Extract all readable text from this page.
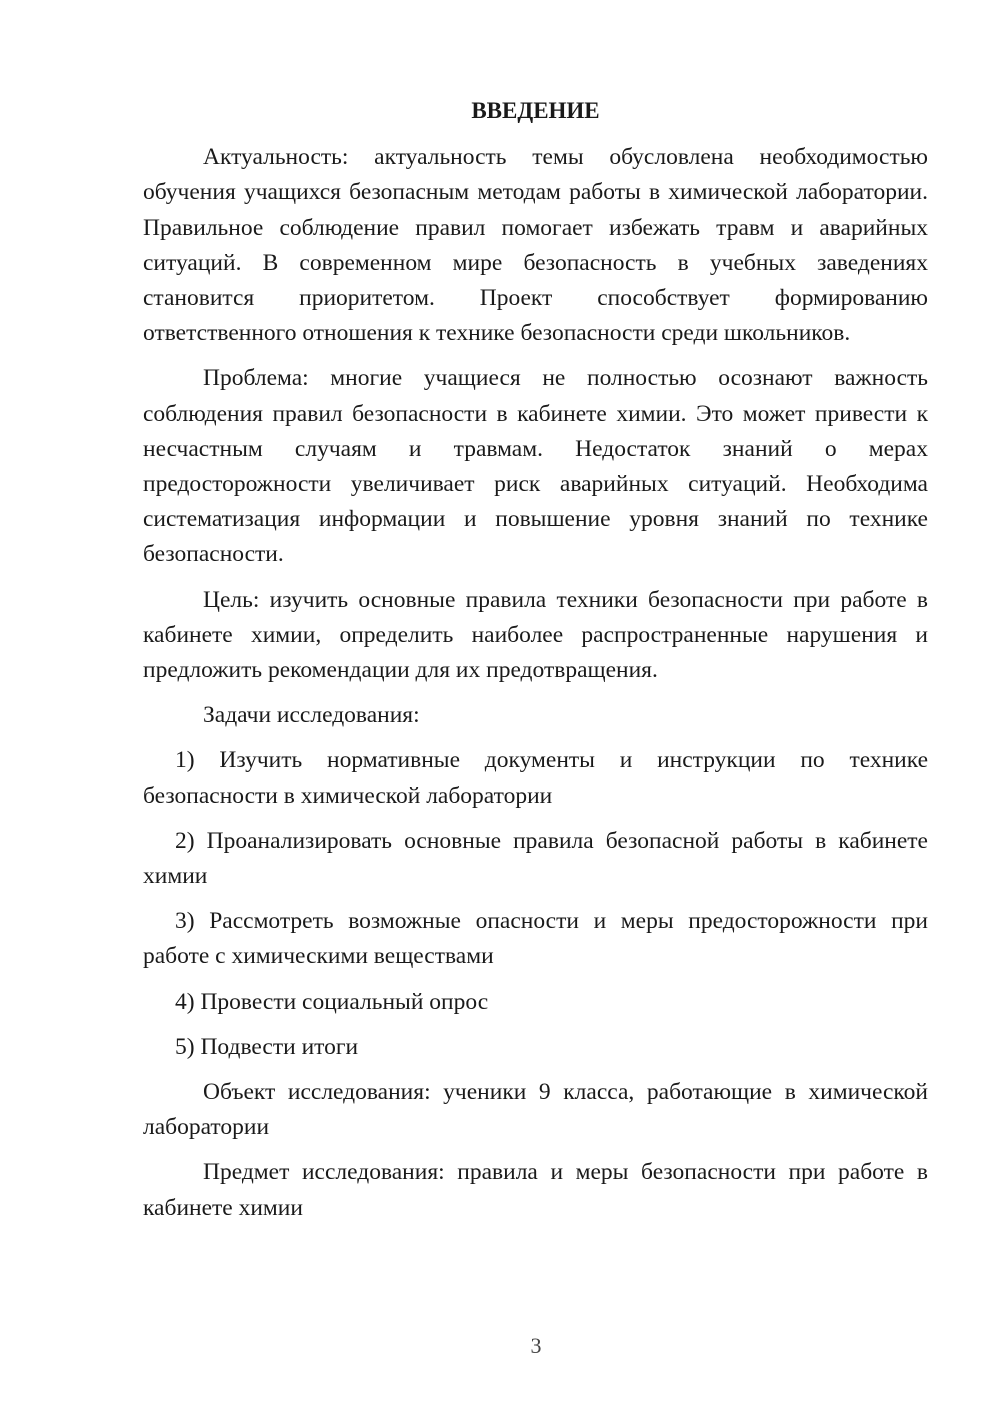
ВВЕДЕНИЕ

Актуальность: актуальность темы обусловлена необходимостью обучения учащихся безопасным методам работы в химической лаборатории. Правильное соблюдение правил помогает избежать травм и аварийных ситуаций. В современном мире безопасность в учебных заведениях становится приоритетом. Проект способствует формированию ответственного отношения к технике безопасности среди школьников.

Проблема: многие учащиеся не полностью осознают важность соблюдения правил безопасности в кабинете химии. Это может привести к несчастным случаям и травмам. Недостаток знаний о мерах предосторожности увеличивает риск аварийных ситуаций. Необходима систематизация информации и повышение уровня знаний по технике безопасности.

Цель: изучить основные правила техники безопасности при работе в кабинете химии, определить наиболее распространенные нарушения и предложить рекомендации для их предотвращения.

Задачи исследования:

1) Изучить нормативные документы и инструкции по технике безопасности в химической лаборатории

2) Проанализировать основные правила безопасной работы в кабинете химии

3) Рассмотреть возможные опасности и меры предосторожности при работе с химическими веществами

4) Провести социальный опрос

5) Подвести итоги

Объект исследования: ученики 9 класса, работающие в химической лаборатории

Предмет исследования: правила и меры безопасности при работе в кабинете химии

3
